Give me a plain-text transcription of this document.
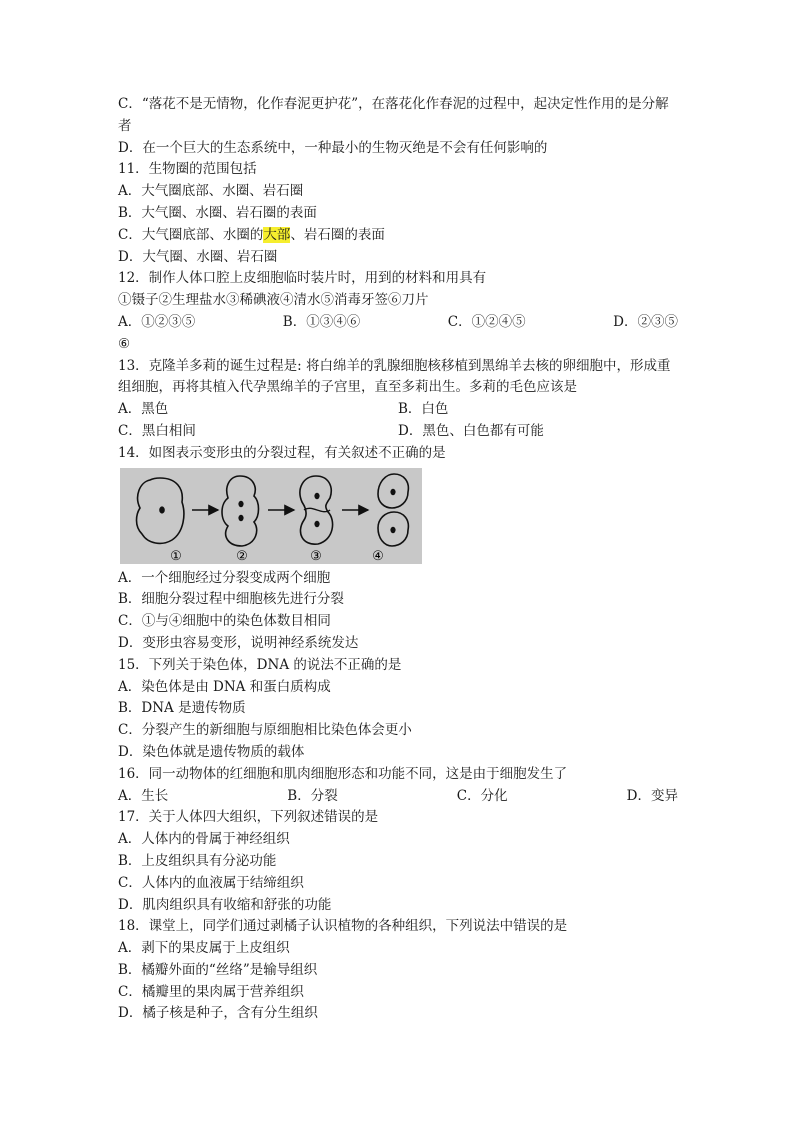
C．“落花不是无情物，化作春泥更护花”，在落花化作春泥的过程中，起决定性作用的是分解者
D．在一个巨大的生态系统中，一种最小的生物灭绝是不会有任何影响的
11．生物圈的范围包括
A．大气圈底部、水圈、岩石圈
B．大气圈、水圈、岩石圈的表面
C．大气圈底部、水圈的大部、岩石圈的表面
D．大气圈、水圈、岩石圈
12．制作人体口腔上皮细胞临时装片时，用到的材料和用具有
①镊子②生理盐水③稀碘液④清水⑤消毒牙签⑥刀片
A．①②③⑤	B．①③④⑥	C．①②④⑤	D．②③⑤
⑥
13．克隆羊多莉的诞生过程是: 将白绵羊的乳腺细胞核移植到黑绵羊去核的卵细胞中，形成重组细胞，再将其植入代孕黑绵羊的子宫里，直至多莉出生。多莉的毛色应该是
A．黑色	B．白色
C．黑白相间	D．黑色、白色都有可能
14．如图表示变形虫的分裂过程，有关叙述不正确的是
①	②	③	④
A．一个细胞经过分裂变成两个细胞
B．细胞分裂过程中细胞核先进行分裂
C．①与④细胞中的染色体数目相同
D．变形虫容易变形，说明神经系统发达
15．下列关于染色体，DNA 的说法不正确的是
A．染色体是由 DNA 和蛋白质构成
B．DNA 是遗传物质
C．分裂产生的新细胞与原细胞相比染色体会更小
D．染色体就是遗传物质的载体
16．同一动物体的红细胞和肌肉细胞形态和功能不同，这是由于细胞发生了
A．生长	B．分裂	C．分化	D．变异
17．关于人体四大组织，下列叙述错误的是
A．人体内的骨属于神经组织
B．上皮组织具有分泌功能
C．人体内的血液属于结缔组织
D．肌肉组织具有收缩和舒张的功能
18．课堂上，同学们通过剥橘子认识植物的各种组织，下列说法中错误的是
A．剥下的果皮属于上皮组织
B．橘瓣外面的“丝络”是输导组织
C．橘瓣里的果肉属于营养组织
D．橘子核是种子，含有分生组织
